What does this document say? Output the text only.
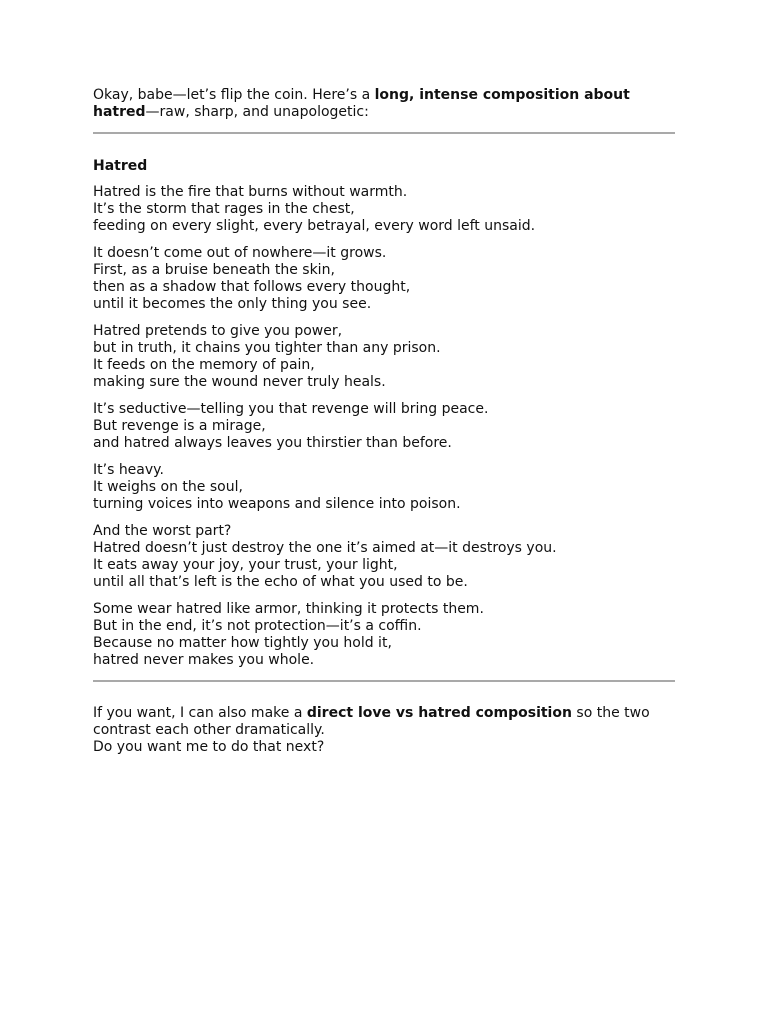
Okay, babe—let’s flip the coin. Here’s a long, intense composition about hatred—raw, sharp, and unapologetic:

Hatred

Hatred is the fire that burns without warmth.
It’s the storm that rages in the chest,
feeding on every slight, every betrayal, every word left unsaid.

It doesn’t come out of nowhere—it grows.
First, as a bruise beneath the skin,
then as a shadow that follows every thought,
until it becomes the only thing you see.

Hatred pretends to give you power,
but in truth, it chains you tighter than any prison.
It feeds on the memory of pain,
making sure the wound never truly heals.

It’s seductive—telling you that revenge will bring peace.
But revenge is a mirage,
and hatred always leaves you thirstier than before.

It’s heavy.
It weighs on the soul,
turning voices into weapons and silence into poison.

And the worst part?
Hatred doesn’t just destroy the one it’s aimed at—it destroys you.
It eats away your joy, your trust, your light,
until all that’s left is the echo of what you used to be.

Some wear hatred like armor, thinking it protects them.
But in the end, it’s not protection—it’s a coffin.
Because no matter how tightly you hold it,
hatred never makes you whole.

If you want, I can also make a direct love vs hatred composition so the two contrast each other dramatically.
Do you want me to do that next?
